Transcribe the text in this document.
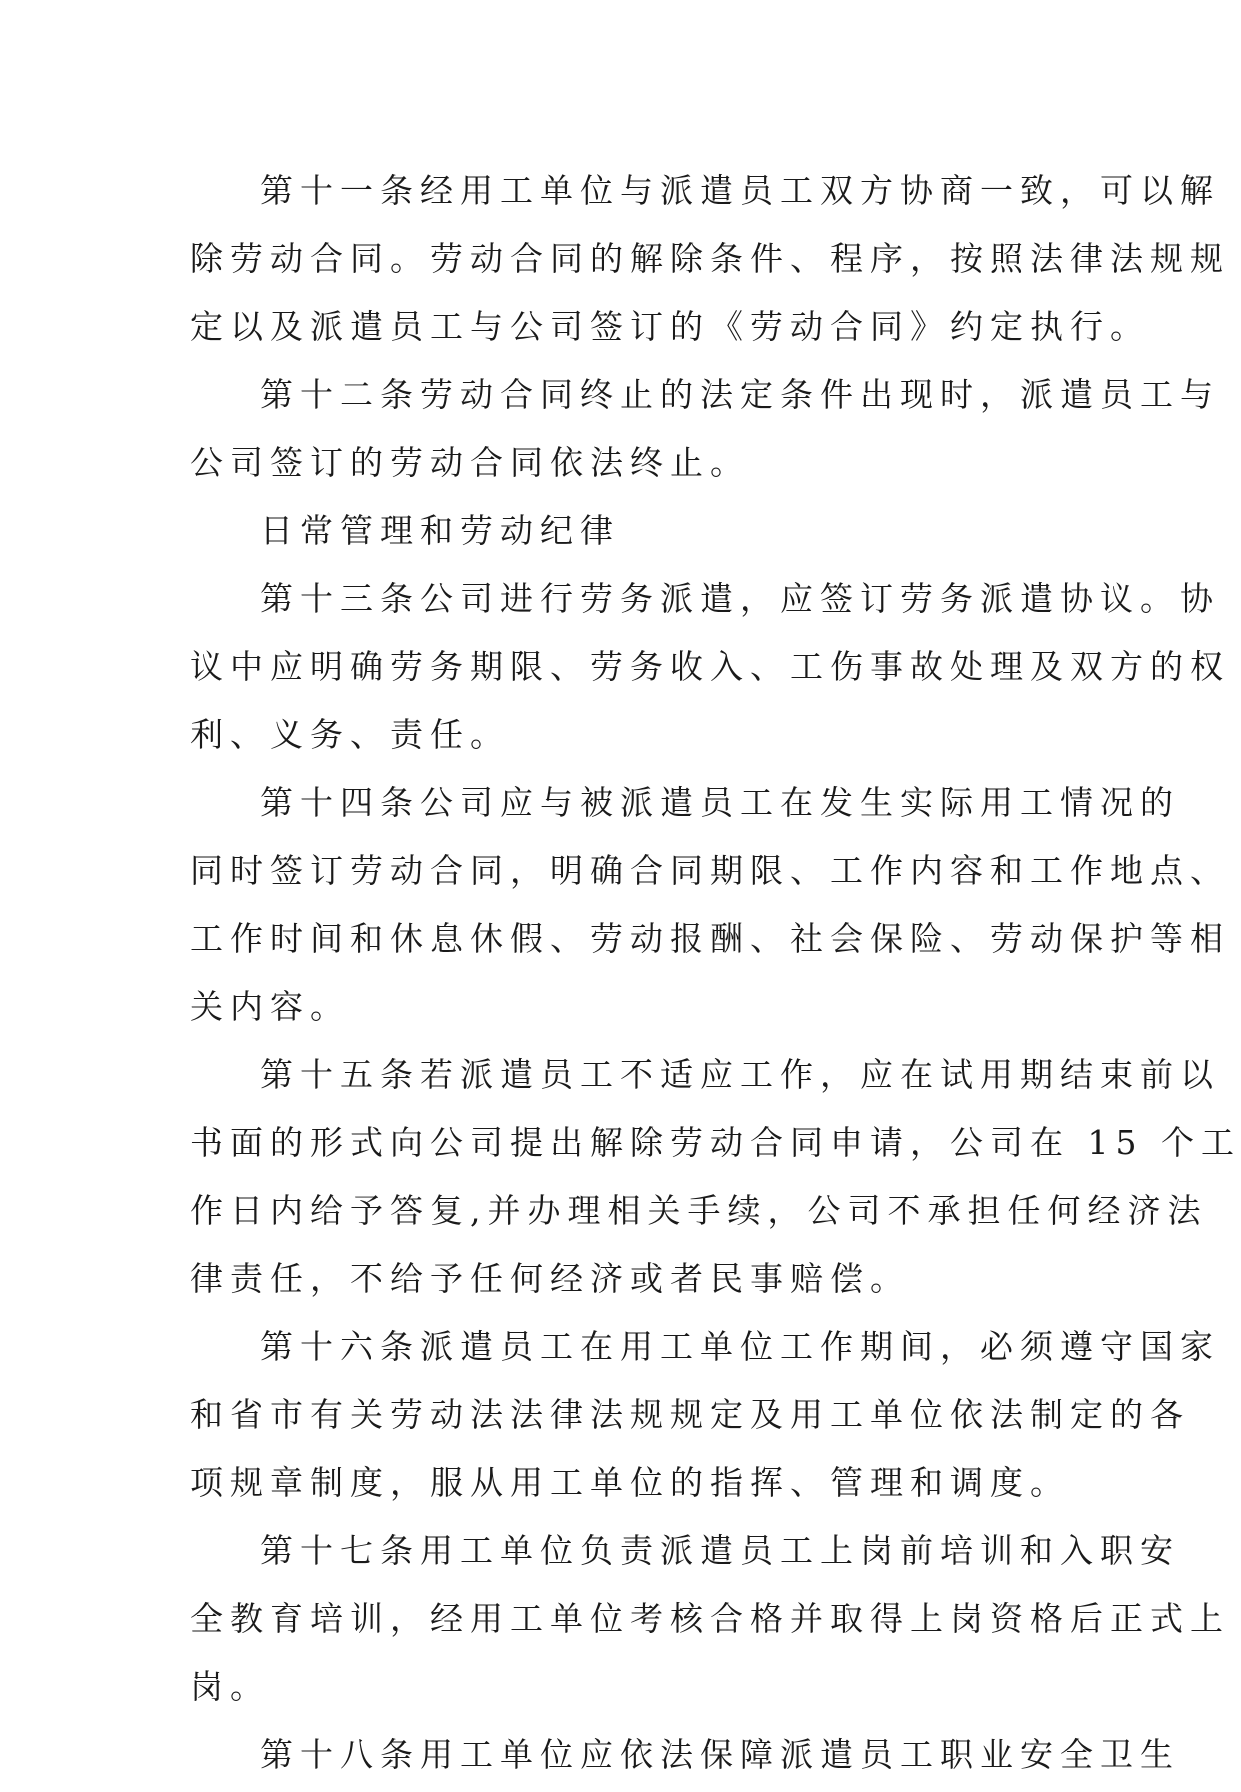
第十一条经用工单位与派遣员工双方协商一致，可以解
除劳动合同。劳动合同的解除条件、程序，按照法律法规规
定以及派遣员工与公司签订的《劳动合同》约定执行。
第十二条劳动合同终止的法定条件出现时，派遣员工与
公司签订的劳动合同依法终止。
日常管理和劳动纪律
第十三条公司进行劳务派遣，应签订劳务派遣协议。协
议中应明确劳务期限、劳务收入、工伤事故处理及双方的权
利、义务、责任。
第十四条公司应与被派遣员工在发生实际用工情况的
同时签订劳动合同，明确合同期限、工作内容和工作地点、
工作时间和休息休假、劳动报酬、社会保险、劳动保护等相
关内容。
第十五条若派遣员工不适应工作，应在试用期结束前以
书面的形式向公司提出解除劳动合同申请，公司在 15 个工
作日内给予答复,并办理相关手续，公司不承担任何经济法
律责任，不给予任何经济或者民事赔偿。
第十六条派遣员工在用工单位工作期间，必须遵守国家
和省市有关劳动法法律法规规定及用工单位依法制定的各
项规章制度，服从用工单位的指挥、管理和调度。
第十七条用工单位负责派遣员工上岗前培训和入职安
全教育培训，经用工单位考核合格并取得上岗资格后正式上
岗。
第十八条用工单位应依法保障派遣员工职业安全卫生
